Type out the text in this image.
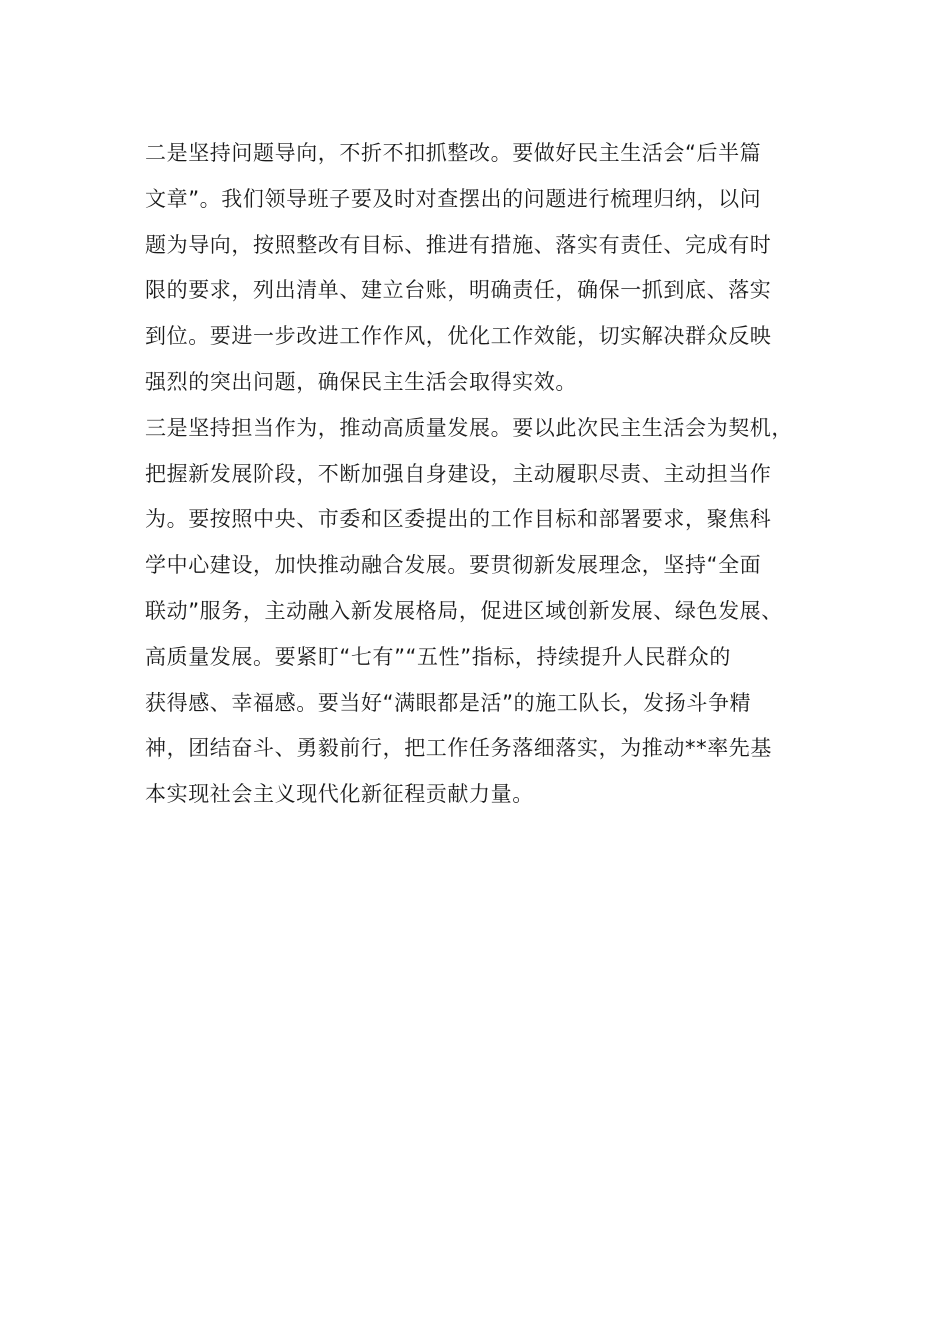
二是坚持问题导向，不折不扣抓整改。要做好民主生活会“后半篇
文章”。我们领导班子要及时对查摆出的问题进行梳理归纳，以问
题为导向，按照整改有目标、推进有措施、落实有责任、完成有时
限的要求，列出清单、建立台账，明确责任，确保一抓到底、落实
到位。要进一步改进工作作风，优化工作效能，切实解决群众反映
强烈的突出问题，确保民主生活会取得实效。

三是坚持担当作为，推动高质量发展。要以此次民主生活会为契机，
把握新发展阶段，不断加强自身建设，主动履职尽责、主动担当作
为。要按照中央、市委和区委提出的工作目标和部署要求，聚焦科
学中心建设，加快推动融合发展。要贯彻新发展理念，坚持“全面
联动”服务，主动融入新发展格局，促进区域创新发展、绿色发展、
高质量发展。要紧盯“七有”“五性”指标，持续提升人民群众的
获得感、幸福感。要当好“满眼都是活”的施工队长，发扬斗争精
神，团结奋斗、勇毅前行，把工作任务落细落实，为推动**率先基
本实现社会主义现代化新征程贡献力量。
